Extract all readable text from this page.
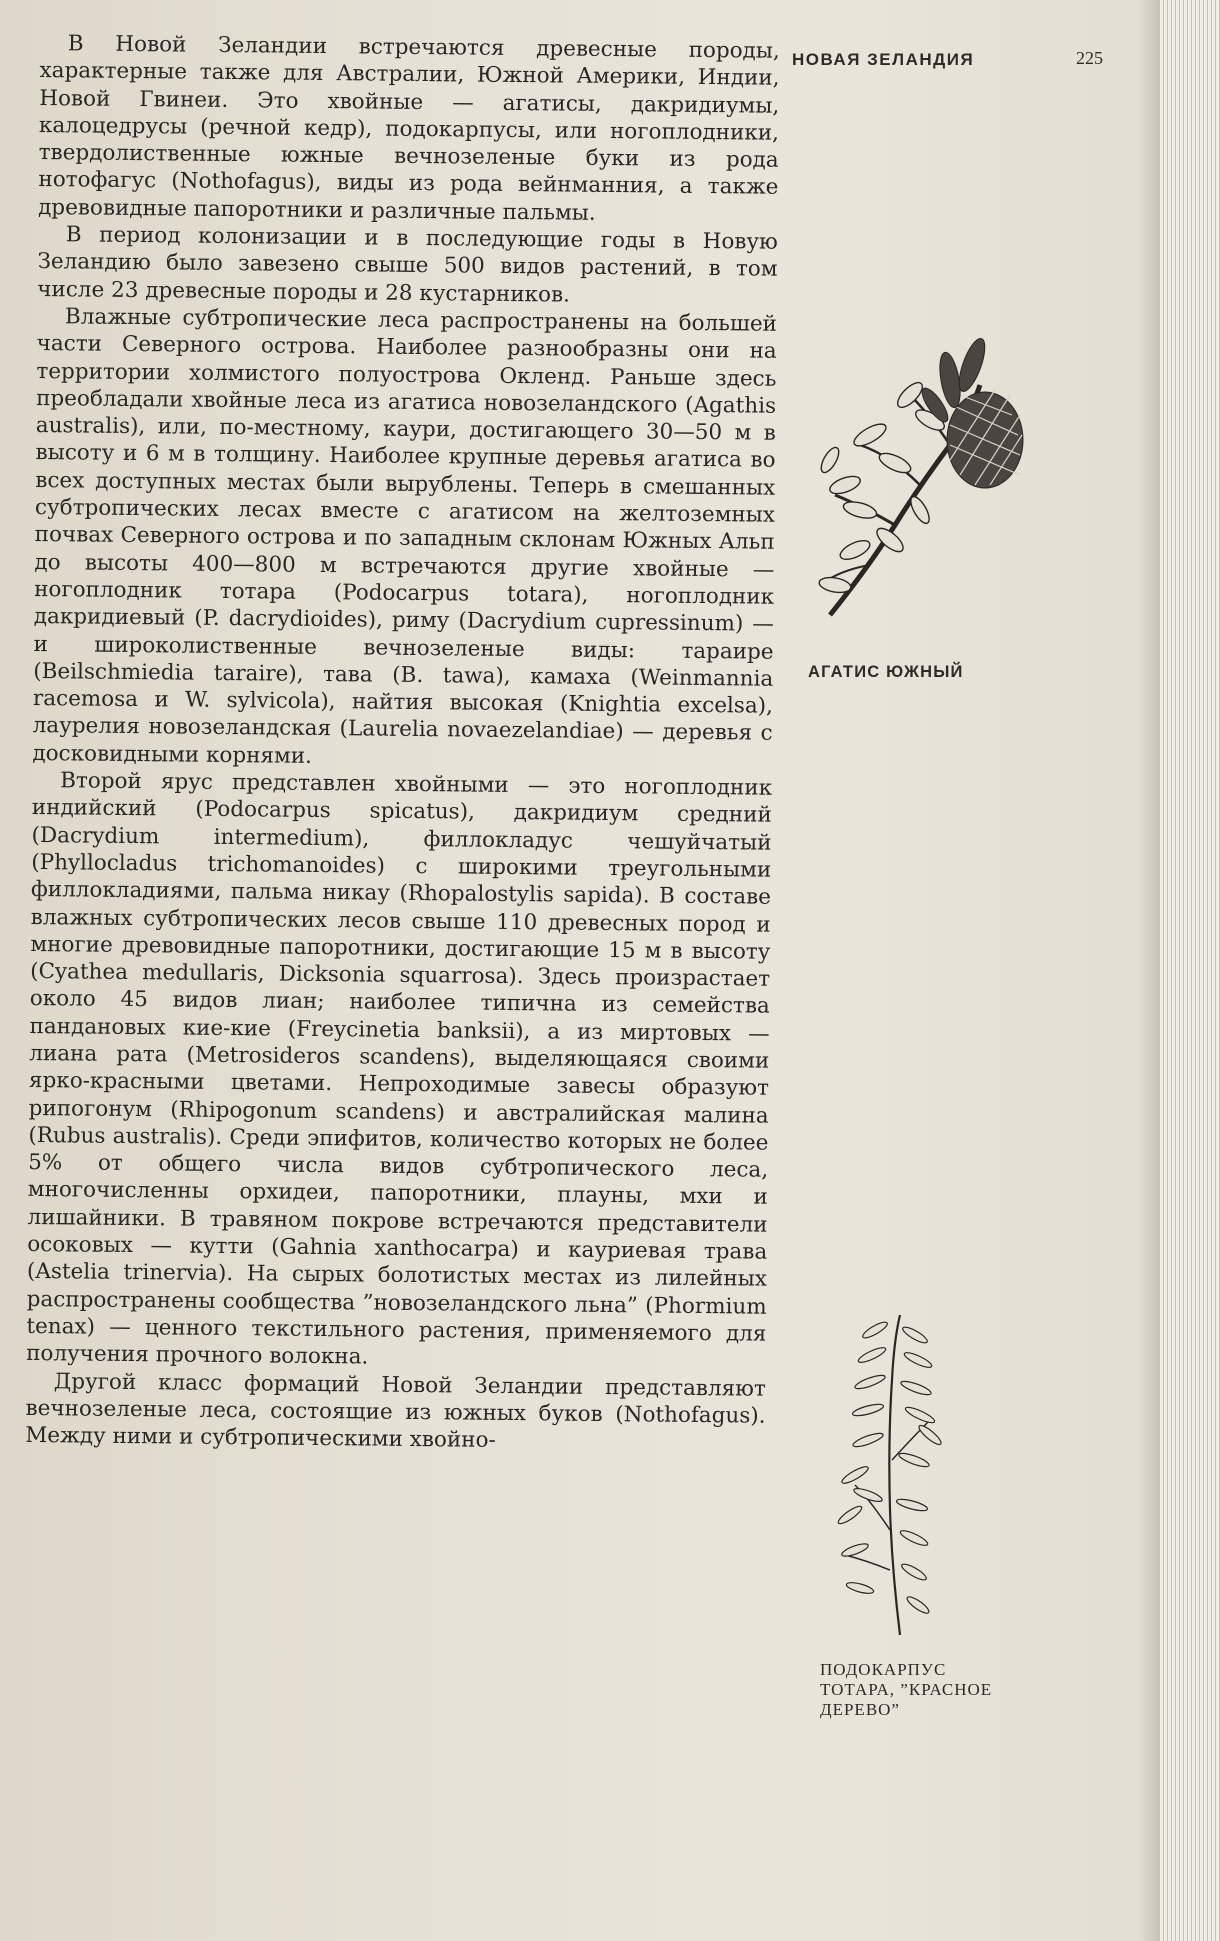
В Новой Зеландии встречаются древесные породы, характерные также для Австралии, Южной Америки, Индии, Новой Гвинеи. Это хвойные — агатисы, дакридиумы, калоцедрусы (речной кедр), подокарпусы, или ногоплодники, твердолиственные южные вечнозеленые буки из рода нотофагус (Nothofagus), виды из рода вейнманния, а также древовидные папоротники и различные пальмы.

В период колонизации и в последующие годы в Новую Зеландию было завезено свыше 500 видов растений, в том числе 23 древесные породы и 28 кустарников.

Влажные субтропические леса распространены на большей части Северного острова. Наиболее разнообразны они на территории холмистого полуострова Окленд. Раньше здесь преобладали хвойные леса из агатиса новозеландского (Agathis australis), или, по-местному, каури, достигающего 30—50 м в высоту и 6 м в толщину. Наиболее крупные деревья агатиса во всех доступных местах были вырублены. Теперь в смешанных субтропических лесах вместе с агатисом на желтоземных почвах Северного острова и по западным склонам Южных Альп до высоты 400—800 м встречаются другие хвойные — ногоплодник тотара (Podocarpus totara), ногоплодник дакридиевый (P. dacrydioides), риму (Dacrydium cupressinum) — и широколиственные вечнозеленые виды: тараире (Beilschmiedia taraire), тава (B. tawa), камаха (Weinmannia racemosa и W. sylvicola), найтия высокая (Knightia excelsa), лаурелия новозеландская (Laurelia novaezelandiae) — деревья с досковидными корнями.

Второй ярус представлен хвойными — это ногоплодник индийский (Podocarpus spicatus), дакридиум средний (Dacrydium intermedium), филлокладус чешуйчатый (Phyllocladus trichomanoides) с широкими треугольными филлокладиями, пальма никау (Rhopalostylis sapida). В составе влажных субтропических лесов свыше 110 древесных пород и многие древовидные папоротники, достигающие 15 м в высоту (Cyathea medullaris, Dicksonia squarrosa). Здесь произрастает около 45 видов лиан; наиболее типична из семейства пандановых кие-кие (Freycinetia banksii), а из миртовых — лиана рата (Metrosideros scandens), выделяющаяся своими ярко-красными цветами. Непроходимые завесы образуют рипогонум (Rhipogonum scandens) и австралийская малина (Rubus australis). Среди эпифитов, количество которых не более 5% от общего числа видов субтропического леса, многочисленны орхидеи, папоротники, плауны, мхи и лишайники. В травяном покрове встречаются представители осоковых — кутти (Gahnia xanthocarpa) и кауриевая трава (Astelia trinervia). На сырых болотистых местах из лилейных распространены сообщества ”новозеландского льна” (Phormium tenax) — ценного текстильного растения, применяемого для получения прочного волокна.

Другой класс формаций Новой Зеландии представляют вечнозеленые леса, состоящие из южных буков (Nothofagus). Между ними и субтропическими хвойно-

НОВАЯ ЗЕЛАНДИЯ	225
АГАТИС ЮЖНЫЙ
ПОДОКАРПУС
ТОТАРА, ”КРАСНОЕ
ДЕРЕВО”
